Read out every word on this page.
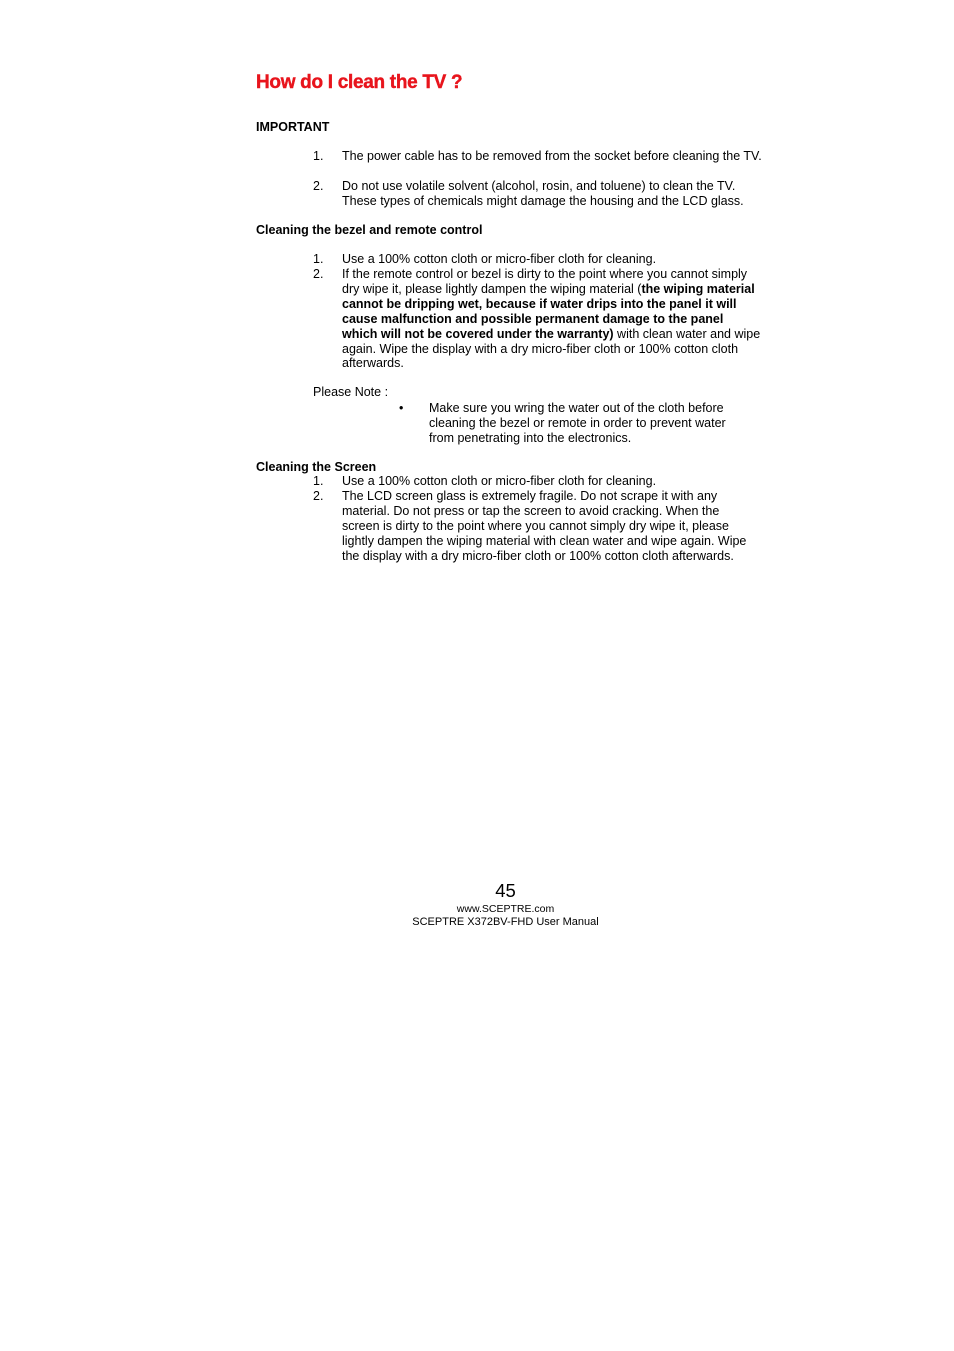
How do I clean the TV ?
IMPORTANT
1. The power cable has to be removed from the socket before cleaning the TV.
2. Do not use volatile solvent (alcohol, rosin, and toluene) to clean the TV. These types of chemicals might damage the housing and the LCD glass.
Cleaning the bezel and remote control
1. Use a 100% cotton cloth or micro-fiber cloth for cleaning.
2. If the remote control or bezel is dirty to the point where you cannot simply dry wipe it, please lightly dampen the wiping material (the wiping material cannot be dripping wet, because if water drips into the panel it will cause malfunction and possible permanent damage to the panel which will not be covered under the warranty) with clean water and wipe again. Wipe the display with a dry micro-fiber cloth or 100% cotton cloth afterwards.
Please Note :
• Make sure you wring the water out of the cloth before cleaning the bezel or remote in order to prevent water from penetrating into the electronics.
Cleaning the Screen
1. Use a 100% cotton cloth or micro-fiber cloth for cleaning.
2. The LCD screen glass is extremely fragile. Do not scrape it with any material. Do not press or tap the screen to avoid cracking. When the screen is dirty to the point where you cannot simply dry wipe it, please lightly dampen the wiping material with clean water and wipe again. Wipe the display with a dry micro-fiber cloth or 100% cotton cloth afterwards.
45
www.SCEPTRE.com
SCEPTRE X372BV-FHD User Manual
